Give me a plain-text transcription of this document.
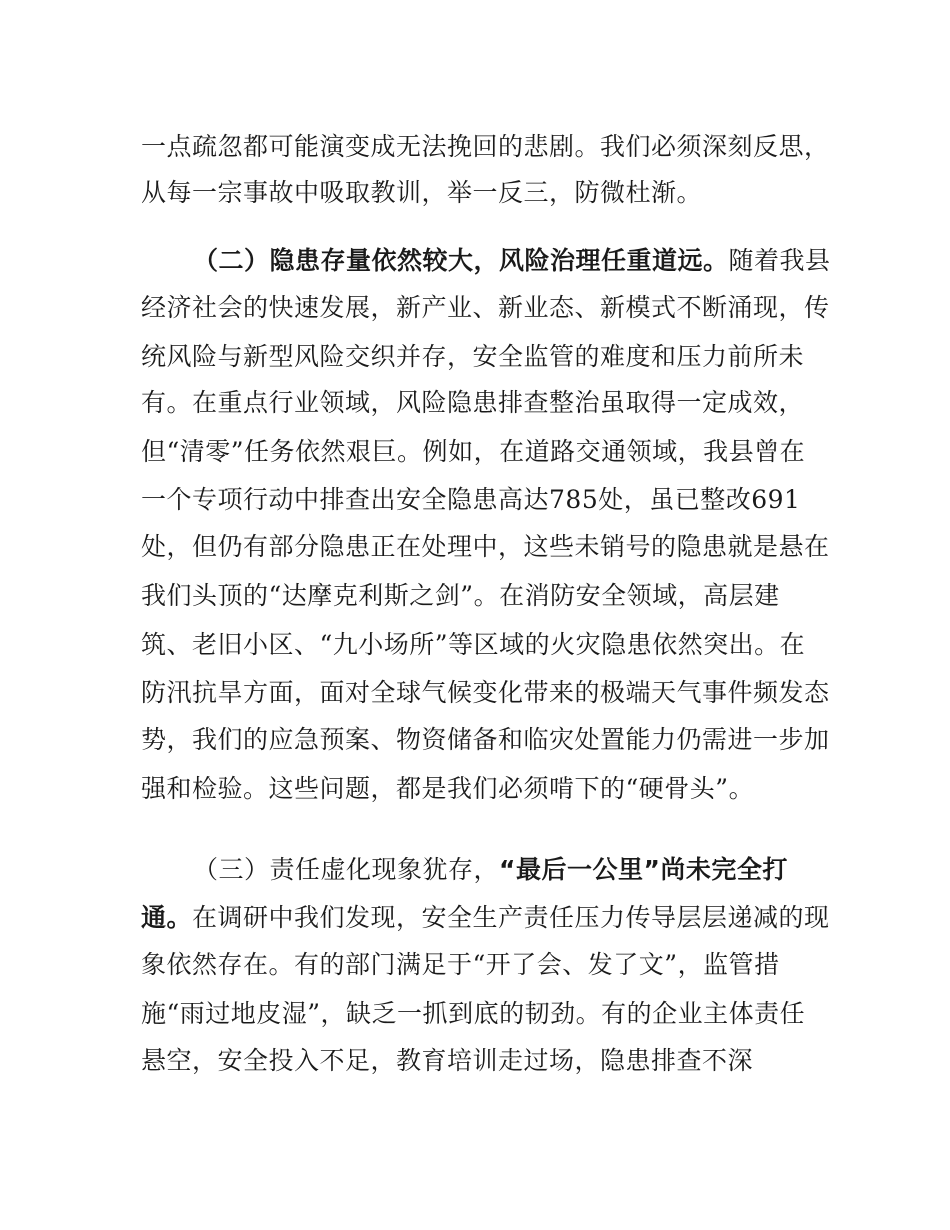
一点疏忽都可能演变成无法挽回的悲剧。我们必须深刻反思，
从每一宗事故中吸取教训，举一反三，防微杜渐。
（二）隐患存量依然较大，风险治理任重道远。随着我县
经济社会的快速发展，新产业、新业态、新模式不断涌现，传
统风险与新型风险交织并存，安全监管的难度和压力前所未
有。在重点行业领域，风险隐患排查整治虽取得一定成效，
但“清零”任务依然艰巨。例如，在道路交通领域，我县曾在
一个专项行动中排查出安全隐患高达785处，虽已整改691
处，但仍有部分隐患正在处理中，这些未销号的隐患就是悬在
我们头顶的“达摩克利斯之剑”。在消防安全领域，高层建
筑、老旧小区、“九小场所”等区域的火灾隐患依然突出。在
防汛抗旱方面，面对全球气候变化带来的极端天气事件频发态
势，我们的应急预案、物资储备和临灾处置能力仍需进一步加
强和检验。这些问题，都是我们必须啃下的“硬骨头”。
（三）责任虚化现象犹存，“最后一公里”尚未完全打
通。在调研中我们发现，安全生产责任压力传导层层递减的现
象依然存在。有的部门满足于“开了会、发了文”，监管措
施“雨过地皮湿”，缺乏一抓到底的韧劲。有的企业主体责任
悬空，安全投入不足，教育培训走过场，隐患排查不深
